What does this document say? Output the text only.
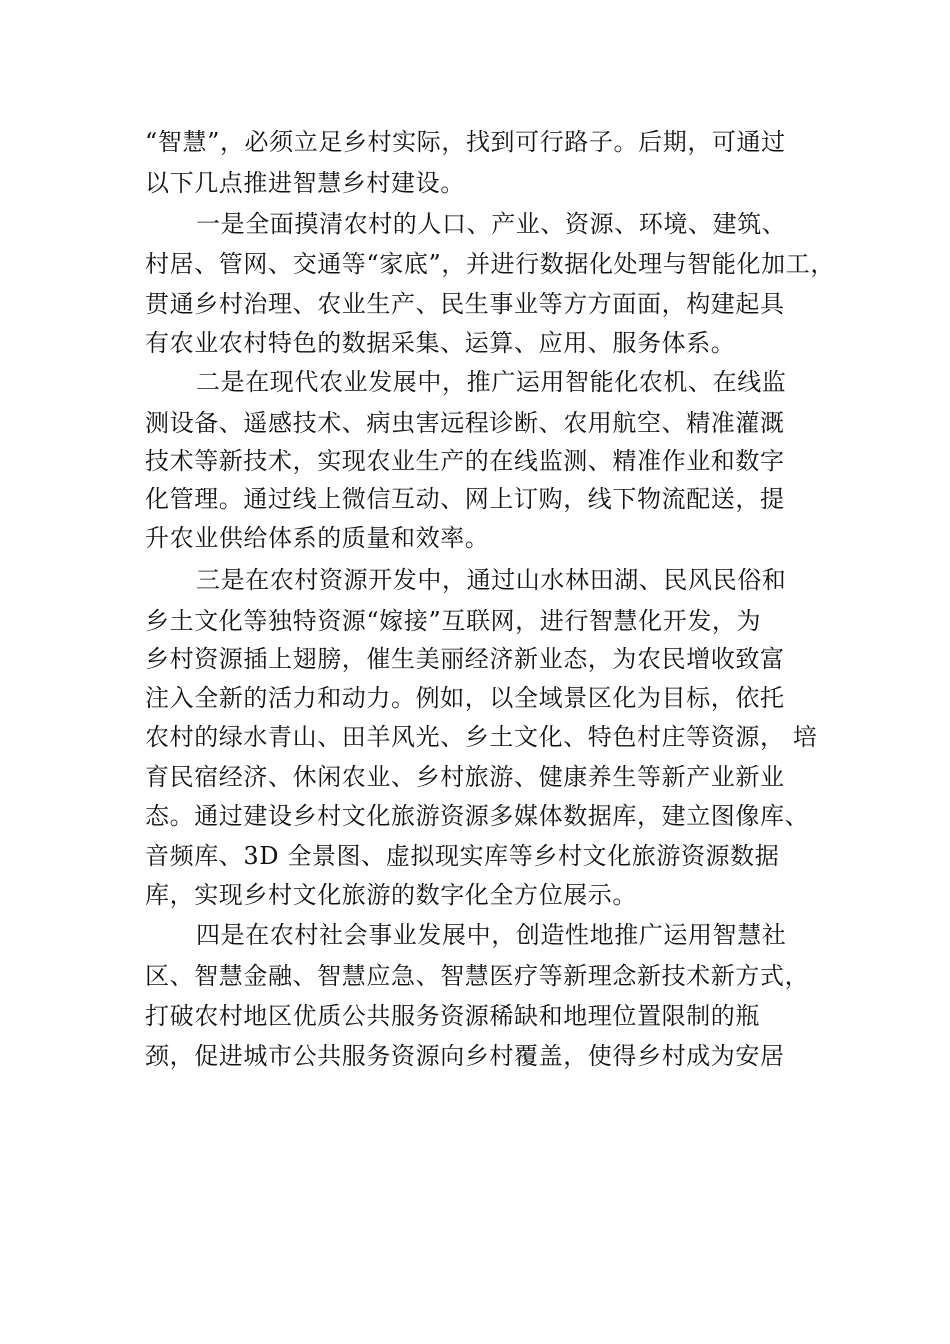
“智慧”，必须立足乡村实际，找到可行路子。后期，可通过
以下几点推进智慧乡村建设。
一是全面摸清农村的人口、产业、资源、环境、建筑、
村居、管网、交通等“家底”，并进行数据化处理与智能化加工，
贯通乡村治理、农业生产、民生事业等方方面面，构建起具
有农业农村特色的数据采集、运算、应用、服务体系。
二是在现代农业发展中，推广运用智能化农机、在线监
测设备、遥感技术、病虫害远程诊断、农用航空、精准灌溉
技术等新技术，实现农业生产的在线监测、精准作业和数字
化管理。通过线上微信互动、网上订购，线下物流配送，提
升农业供给体系的质量和效率。
三是在农村资源开发中，通过山水林田湖、民风民俗和
乡土文化等独特资源“嫁接”互联网，进行智慧化开发，为
乡村资源插上翅膀，催生美丽经济新业态，为农民增收致富
注入全新的活力和动力。例如，以全域景区化为目标，依托
农村的绿水青山、田⽺风光、乡土文化、特色村庄等资源， 培
育民宿经济、休闲农业、乡村旅游、健康养生等新产业新业
态。通过建设乡村文化旅游资源多媒体数据库，建立图像库、
音频库、3D 全景图、虚拟现实库等乡村文化旅游资源数据
库，实现乡村文化旅游的数字化全方位展示。
四是在农村社会事业发展中，创造性地推广运用智慧社
区、智慧金融、智慧应急、智慧医疗等新理念新技术新方式，
打破农村地区优质公共服务资源稀缺和地理位置限制的瓶
颈，促进城市公共服务资源向乡村覆盖，使得乡村成为安居
